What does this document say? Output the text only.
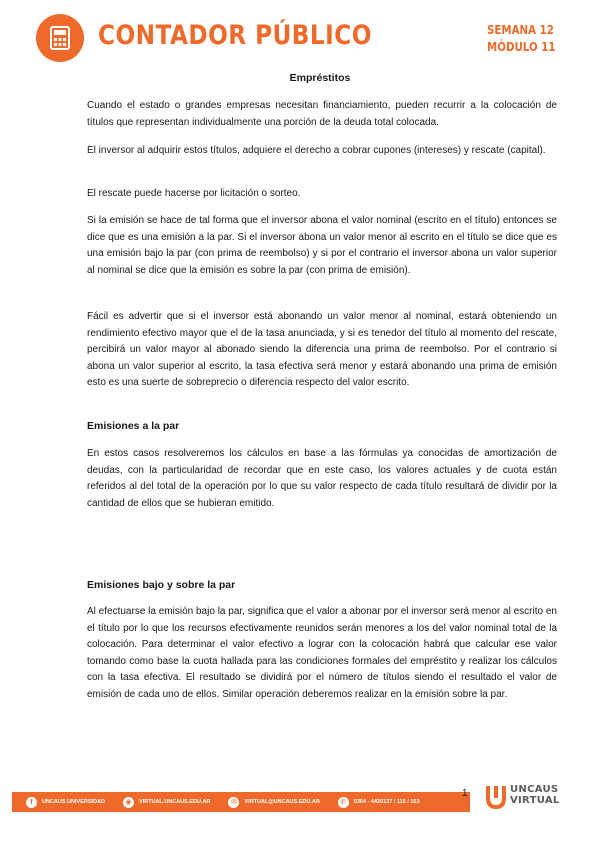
CONTADOR PÚBLICO	SEMANA 12
MÓDULO 11
Empréstitos

Cuando el estado o grandes empresas necesitan financiamiento, pueden recurrir a la colocación de títulos que representan individualmente una porción de la deuda total colocada.

El inversor al adquirir estos títulos, adquiere el derecho a cobrar cupones (intereses) y rescate (capital).

El rescate puede hacerse por licitación o sorteo.

Si la emisión se hace de tal forma que el inversor abona el valor nominal (escrito en el título) entonces se dice que es una emisión a la par. Si el inversor abona un valor menor al escrito en el título se dice que es una emisión bajo la par (con prima de reembolso) y si por el contrario el inversor abona un valor superior al nominal se dice que la emisión es sobre la par (con prima de emisión).

Fácil es advertir que si el inversor está abonando un valor menor al nominal, estará obteniendo un rendimiento efectivo mayor que el de la tasa anunciada, y si es tenedor del título al momento del rescate, percibirá un valor mayor al abonado siendo la diferencia una prima de reembolso. Por el contrario si abona un valor superior al escrito, la tasa efectiva será menor y estará abonando una prima de emisión esto es una suerte de sobreprecio o diferencia respecto del valor escrito.

Emisiones a la par

En estos casos resolveremos los cálculos en base a las fórmulas ya conocidas de amortización de deudas, con la particularidad de recordar que en este caso, los valores actuales y de cuota están referidos al del total de la operación por lo que su valor respecto de cada título resultará de dividir por la cantidad de ellos que se hubieran emitido.

Emisiones bajo y sobre la par

Al efectuarse la emisión bajo la par, significa que el valor a abonar por el inversor será menor al escrito en el título por lo que los recursos efectivamente reunidos serán menores a los del valor nominal total de la colocación. Para determinar el valor efectivo a lograr con la colocación habrá que calcular ese valor tomando como base la cuota hallada para las condiciones formales del empréstito y realizar los cálculos con la tasa efectiva. El resultado se dividirá por el número de títulos siendo el resultado el valor de emisión de cada uno de ellos. Similar operación deberemos realizar en la emisión sobre la par.

f	UNCAUS UNIVERSIDAD	◉	VIRTUAL.UNCAUS.EDU.AR	✉	VIRTUAL@UNCAUS.EDU.AR	✆	0364 - 4420137 / 115 / 153
1	UNCAUS
VIRTUAL
